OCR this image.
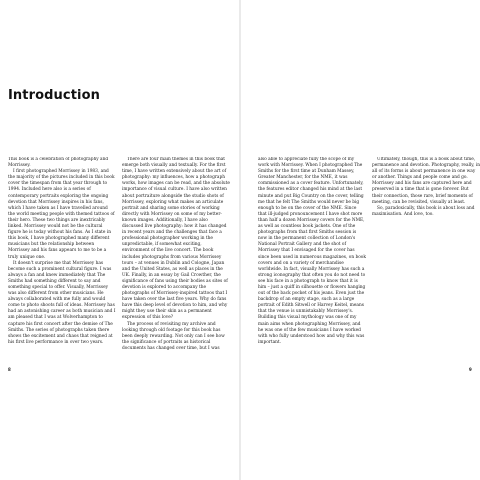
Introduction

This book is a celebration of photography and Morrissey.

I first photographed Morrissey in 1983, and the majority of the pictures included in this book cover the timespan from that year through to 1994. Included here also is a series of contemporary portraits exploring the ongoing devotion that Morrissey inspires in his fans, which I have taken as I have travelled around the world meeting people with themed tattoos of their hero. These two things are inextricably linked. Morrissey would not be the cultural figure he is today without his fans. As I state in this book, I have photographed many different musicians but the relationship between Morrissey and his fans appears to me to be a truly unique one.

It doesn't surprise me that Morrissey has become such a prominent cultural figure. I was always a fan and knew immediately that The Smiths had something different to say and something special to offer. Visually, Morrissey was also different from other musicians. He always collaborated with me fully and would come to photo shoots full of ideas. Morrissey has had an astonishing career as both musician and I am pleased that I was at Wolverhampton to capture his first concert after the demise of The Smiths. The series of photographs taken there shows the excitement and chaos that reigned at his first live performance in over two years.

There are four main themes in this book that emerge both visually and textually. For the first time, I have written extensively about the art of photography: my influences, how a photograph works, how images can be read, and the absolute importance of visual culture. I have also written about portraiture alongside the studio shots of Morrissey, exploring what makes an articulate portrait and sharing some stories of working directly with Morrissey on some of my better-known images. Additionally, I have also discussed live photography: how it has changed in recent years and the challenges that face a professional photographer working in the unpredictable, if somewhat exciting, environment of the live concert. The book includes photographs from various Morrissey tours – at venues in Dublin and Cologne, Japan and the United States, as well as places in the UK. Finally, in an essay by Gail Crowther, the significance of fans using their bodies as sites of devotion is explored to accompany the photographs of Morrissey-inspired tattoos that I have taken over the last five years. Why do fans have this deep level of devotion to him, and why might they use their skin as a permanent expression of this love?

The process of revisiting my archive and looking through old footage for this book has been deeply rewarding. Not only can I see how the significance of portraits as historical documents has changed over time, but I was

also able to appreciate fully the scope of my work with Morrissey. When I photographed The Smiths for the first time at Dunham Massey, Greater Manchester, for the NME, it was commissioned as a cover feature. Unfortunately, the features editor changed his mind at the last minute and put Big Country on the cover, telling me that he felt The Smiths would never be big enough to be on the cover of the NME. Since that ill-judged pronouncement I have shot more than half a dozen Morrissey covers for the NME, as well as countless book jackets. One of the photographs from that first Smiths session is now in the permanent collection of London's National Portrait Gallery and the shot of Morrissey that I envisaged for the cover has since been used in numerous magazines, on book covers and on a variety of merchandise worldwide. In fact, visually Morrissey has such a strong iconography that often you do not need to see his face in a photograph to know that it is him – just a quiff in silhouette or flowers hanging out of the back pocket of his jeans. Even just the backdrop of an empty stage, such as a large portrait of Edith Sitwell or Harvey Keitel, means that the venue is unmistakably Morrissey's. Building this visual mythology was one of my main aims when photographing Morrissey, and he was one of the few musicians I have worked with who fully understood how and why this was important.

Ultimately, though, this is a book about time, permanence and devotion. Photography, really, in all of its forms is about permanence in one way or another. Things and people come and go. Morrissey and his fans are captured here and preserved in a time that is gone forever. But their connection, those rare, brief moments of meeting, can be revisited, visually at least.

So, paradoxically, this book is about loss and maximisation. And love, too.

8	9
